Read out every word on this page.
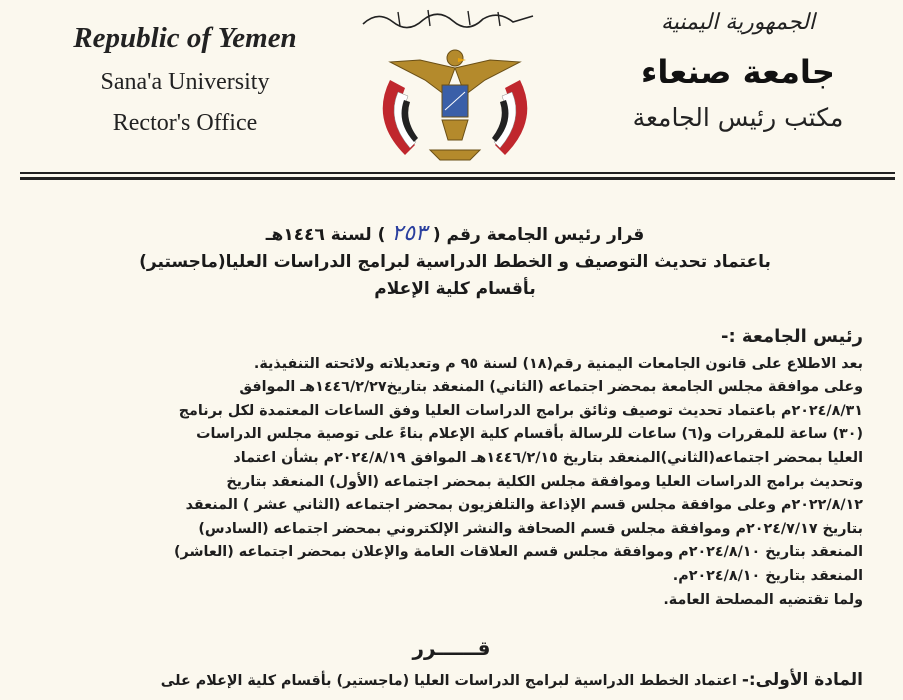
Republic of Yemen
Sana'a University
Rector's Office
الجمهورية اليمنية
جامعة صنعاء
مكتب رئيس الجامعة
قرار رئيس الجامعة رقم (٢٥٣) لسنة ١٤٤٦هـ
باعتماد تحديث التوصيف و الخطط الدراسية لبرامج الدراسات العليا(ماجستير)
بأقسام كلية الإعلام
رئيس الجامعة :-
بعد الاطلاع على قانون الجامعات اليمنية رقم(١٨) لسنة ٩٥ م وتعديلاته ولائحته التنفيذية.
وعلى موافقة مجلس الجامعة بمحضر اجتماعه (الثاني) المنعقد بتاريخ١٤٤٦/٢/٢٧هـ الموافق
٢٠٢٤/٨/٣١م باعتماد تحديث توصيف وثائق برامج الدراسات العليا وفق الساعات المعتمدة لكل برنامج
(٣٠) ساعة للمقررات و(٦) ساعات للرسالة بأقسام كلية الإعلام بناءً على توصية مجلس الدراسات
العليا بمحضر اجتماعه(الثاني)المنعقد بتاريخ ١٤٤٦/٢/١٥هـ الموافق ٢٠٢٤/٨/١٩م بشأن اعتماد
وتحديث برامج الدراسات العليا وموافقة مجلس الكلية بمحضر اجتماعه (الأول) المنعقد بتاريخ
٢٠٢٢/٨/١٢م وعلى موافقة مجلس قسم الإذاعة والتلفزيون بمحضر اجتماعه (الثاني عشر ) المنعقد
بتاريخ ٢٠٢٤/٧/١٧م وموافقة مجلس قسم الصحافة والنشر الإلكتروني بمحضر اجتماعه (السادس)
المنعقد بتاريخ ٢٠٢٤/٨/١٠م وموافقة مجلس قسم العلاقات العامة والإعلان بمحضر اجتماعه (العاشر)
المنعقد بتاريخ ٢٠٢٤/٨/١٠م.
ولما تقتضيه المصلحة العامة.
قــــــرر
المادة الأولى:- اعتماد الخطط الدراسية لبرامج الدراسات العليا (ماجستير) بأقسام كلية الإعلام على
